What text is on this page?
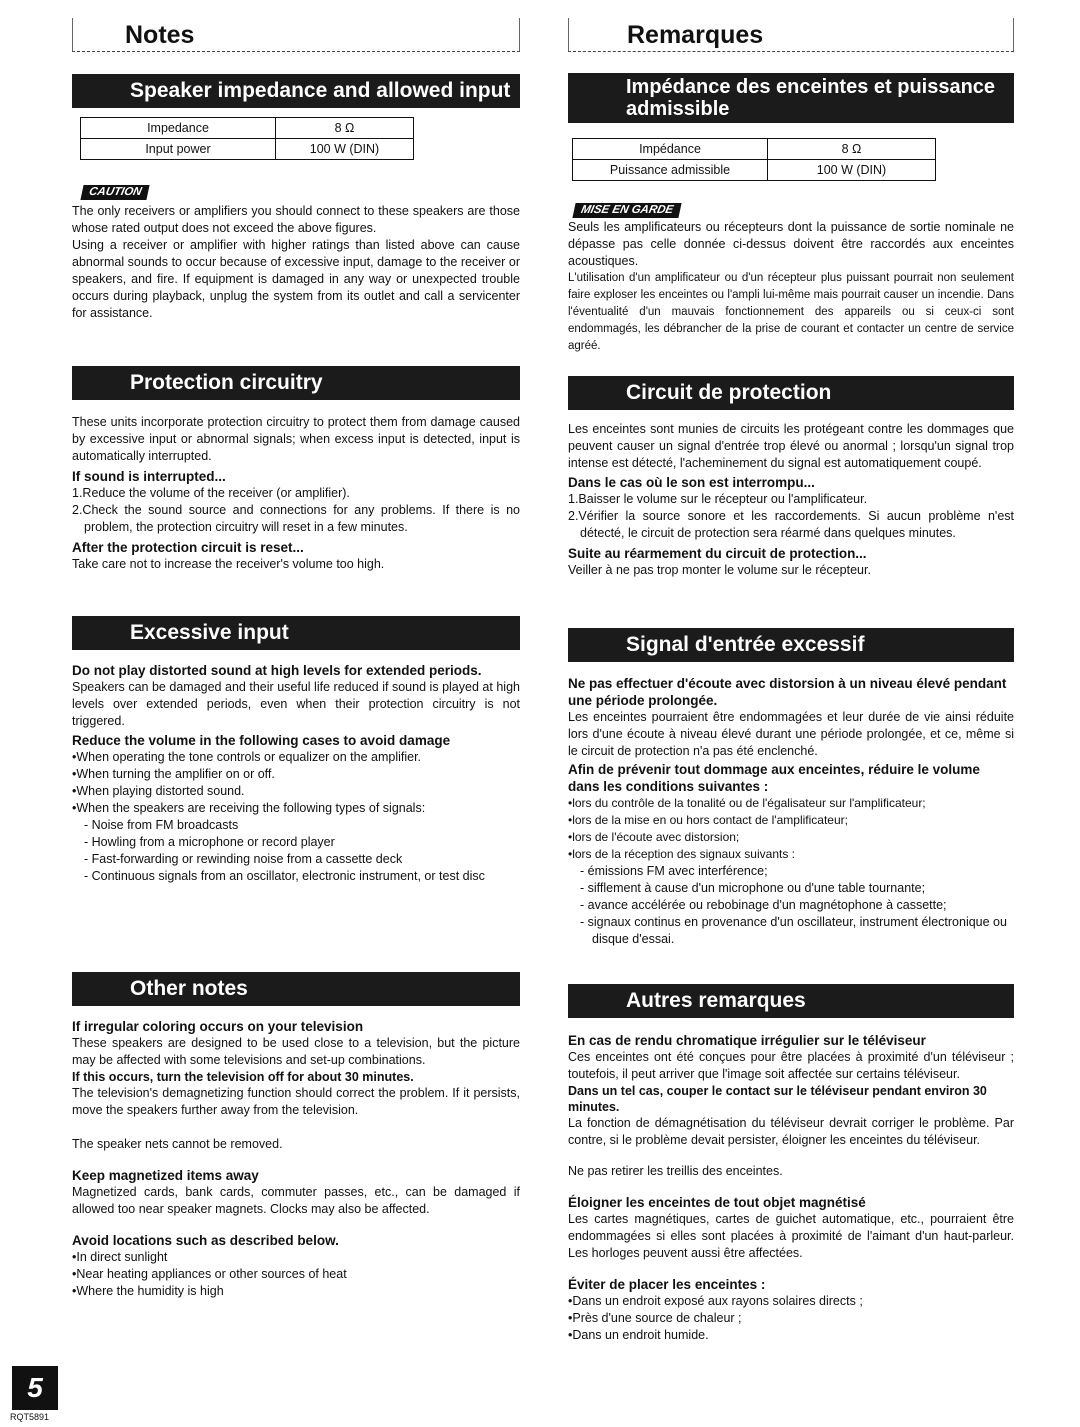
Notes
Speaker impedance and allowed input
Impedance	8 Ω
Input power	100 W (DIN)
CAUTION

The only receivers or amplifiers you should connect to these speakers are those whose rated output does not exceed the above figures.

Using a receiver or amplifier with higher ratings than listed above can cause abnormal sounds to occur because of excessive input, damage to the receiver or speakers, and fire. If equipment is damaged in any way or unexpected trouble occurs during playback, unplug the system from its outlet and call a servicenter for assistance.

Protection circuitry

These units incorporate protection circuitry to protect them from damage caused by excessive input or abnormal signals; when excess input is detected, input is automatically interrupted.

If sound is interrupted...

1.Reduce the volume of the receiver (or amplifier).
2.Check the sound source and connections for any problems. If there is no problem, the protection circuitry will reset in a few minutes.

After the protection circuit is reset...

Take care not to increase the receiver's volume too high.

Excessive input

Do not play distorted sound at high levels for extended periods.

Speakers can be damaged and their useful life reduced if sound is played at high levels over extended periods, even when their protection circuitry is not triggered.

Reduce the volume in the following cases to avoid damage

•When operating the tone controls or equalizer on the amplifier.
•When turning the amplifier on or off.
•When playing distorted sound.
•When the speakers are receiving the following types of signals:
- Noise from FM broadcasts
- Howling from a microphone or record player
- Fast-forwarding or rewinding noise from a cassette deck
- Continuous signals from an oscillator, electronic instrument, or test disc
Other notes

If irregular coloring occurs on your television

These speakers are designed to be used close to a television, but the picture may be affected with some televisions and set-up combinations.

If this occurs, turn the television off for about 30 minutes.

The television's demagnetizing function should correct the problem. If it persists, move the speakers further away from the television.

The speaker nets cannot be removed.

Keep magnetized items away

Magnetized cards, bank cards, commuter passes, etc., can be damaged if allowed too near speaker magnets. Clocks may also be affected.

Avoid locations such as described below.

•In direct sunlight
•Near heating appliances or other sources of heat
•Where the humidity is high
Remarques
Impédance des enceintes et puissance admissible
Impédance	8 Ω
Puissance admissible	100 W (DIN)
MISE EN GARDE

Seuls les amplificateurs ou récepteurs dont la puissance de sortie nominale ne dépasse pas celle donnée ci-dessus doivent être raccordés aux enceintes acoustiques.

L'utilisation d'un amplificateur ou d'un récepteur plus puissant pourrait non seulement faire exploser les enceintes ou l'ampli lui-même mais pourrait causer un incendie. Dans l'éventualité d'un mauvais fonctionnement des appareils ou si ceux-ci sont endommagés, les débrancher de la prise de courant et contacter un centre de service agréé.

Circuit de protection

Les enceintes sont munies de circuits les protégeant contre les dommages que peuvent causer un signal d'entrée trop élevé ou anormal ; lorsqu'un signal trop intense est détecté, l'acheminement du signal est automatiquement coupé.

Dans le cas où le son est interrompu...

1.Baisser le volume sur le récepteur ou l'amplificateur.
2.Vérifier la source sonore et les raccordements. Si aucun problème n'est détecté, le circuit de protection sera réarmé dans quelques minutes.

Suite au réarmement du circuit de protection...

Veiller à ne pas trop monter le volume sur le récepteur.

Signal d'entrée excessif

Ne pas effectuer d'écoute avec distorsion à un niveau élevé pendant une période prolongée.

Les enceintes pourraient être endommagées et leur durée de vie ainsi réduite lors d'une écoute à niveau élevé durant une période prolongée, et ce, même si le circuit de protection n'a pas été enclenché.

Afin de prévenir tout dommage aux enceintes, réduire le volume dans les conditions suivantes :

•lors du contrôle de la tonalité ou de l'égalisateur sur l'amplificateur;
•lors de la mise en ou hors contact de l'amplificateur;
•lors de l'écoute avec distorsion;
•lors de la réception des signaux suivants :
- émissions FM avec interférence;
- sifflement à cause d'un microphone ou d'une table tournante;
- avance accélérée ou rebobinage d'un magnétophone à cassette;
- signaux continus en provenance d'un oscillateur, instrument électronique ou disque d'essai.
Autres remarques

En cas de rendu chromatique irrégulier sur le téléviseur

Ces enceintes ont été conçues pour être placées à proximité d'un téléviseur ; toutefois, il peut arriver que l'image soit affectée sur certains téléviseur.

Dans un tel cas, couper le contact sur le téléviseur pendant environ 30 minutes.

La fonction de démagnétisation du téléviseur devrait corriger le problème. Par contre, si le problème devait persister, éloigner les enceintes du téléviseur.

Ne pas retirer les treillis des enceintes.

Éloigner les enceintes de tout objet magnétisé

Les cartes magnétiques, cartes de guichet automatique, etc., pourraient être endommagées si elles sont placées à proximité de l'aimant d'un haut-parleur. Les horloges peuvent aussi être affectées.

Éviter de placer les enceintes :

•Dans un endroit exposé aux rayons solaires directs ;
•Près d'une source de chaleur ;
•Dans un endroit humide.
5
RQT5891
